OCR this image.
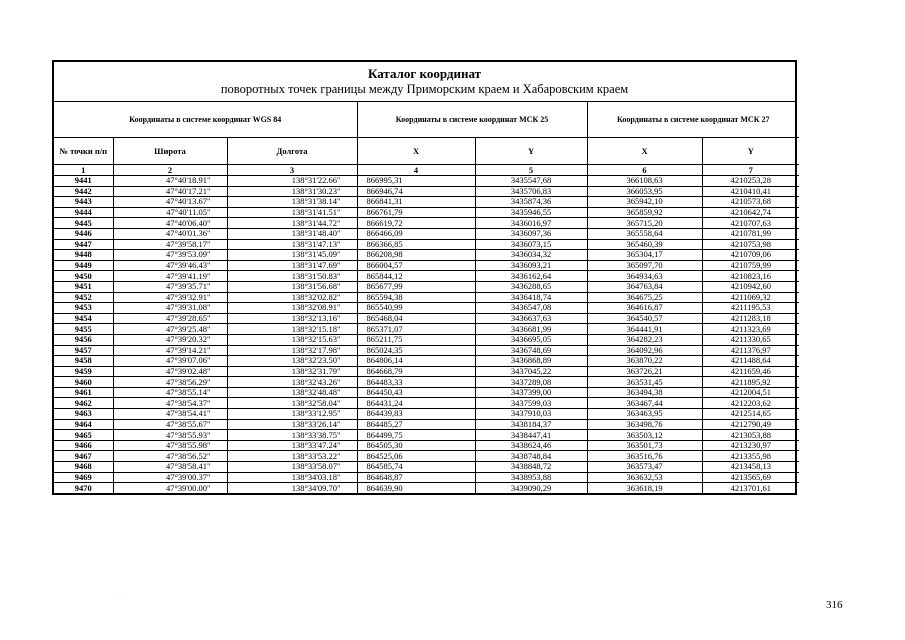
Каталог координат
поворотных точек границы между Приморским краем и Хабаровским краем
Координаты в системе координат WGS 84			Координаты в системе координат МСК 25		Координаты в системе координат МСК 27	
№ точки п/п	Широта	Долгота	X	Y	X	Y
1	2	3	4	5	6	7
9441	47°40'18.91"	138°31'22.66"	866995,31	3435547,68	366108,63	4210253,28
9442	47°40'17.21"	138°31'30.23"	866946,74	3435706,83	366053,95	4210410,41
9443	47°40'13.67"	138°31'38.14"	866841,31	3435874,36	365942,10	4210573,68
9444	47°40'11.05"	138°31'41.51"	866761,79	3435946,55	365859,92	4210642,74
9445	47°40'06.40"	138°31'44.72"	866619,72	3436016,97	365715,20	4210707,63
9446	47°40'01.36"	138°31'48.40"	866466,09	3436097,36	365558,64	4210781,99
9447	47°39'58.17"	138°31'47.13"	866366,85	3436073,15	365460,39	4210753,98
9448	47°39'53.09"	138°31'45.09"	866208,98	3436034,32	365304,17	4210709,06
9449	47°39'46.43"	138°31'47.69"	866004,57	3436093,21	365097,70	4210759,99
9450	47°39'41.19"	138°31'50.83"	865844,12	3436162,64	364934,63	4210823,16
9451	47°39'35.71"	138°31'56.68"	865677,99	3436288,65	364763,84	4210942,60
9452	47°39'32.91"	138°32'02.82"	865594,38	3436418,74	364675,25	4211069,32
9453	47°39'31.08"	138°32'08.91"	865540,99	3436547,08	364616,87	4211195,53
9454	47°39'28.65"	138°32'13.16"	865468,04	3436637,63	364540,57	4211283,18
9455	47°39'25.48"	138°32'15.18"	865371,07	3436681,99	364441,91	4211323,69
9456	47°39'20.32"	138°32'15.63"	865211,75	3436695,05	364282,23	4211330,65
9457	47°39'14.21"	138°32'17.98"	865024,35	3436748,69	364092,96	4211376,97
9458	47°39'07.06"	138°32'23.50"	864806,14	3436868,89	363870,22	4211488,64
9459	47°39'02.48"	138°32'31.79"	864668,79	3437045,22	363726,21	4211659,46
9460	47°38'56.29"	138°32'43.26"	864483,33	3437289,08	363531,45	4211895,92
9461	47°38'55.14"	138°32'48.48"	864450,43	3437399,00	363494,38	4212004,51
9462	47°38'54.37"	138°32'58.04"	864431,24	3437599,03	363467,44	4212203,62
9463	47°38'54.41"	138°33'12.95"	864439,83	3437910,03	363463,95	4212514,65
9464	47°38'55.67"	138°33'26.14"	864485,27	3438184,37	363498,76	4212790,49
9465	47°38'55.93"	138°33'38.75"	864499,75	3438447,41	363503,12	4213053,88
9466	47°38'55.98"	138°33'47.24"	864505,30	3438624,46	363501,73	4213230,97
9467	47°38'56.52"	138°33'53.22"	864525,06	3438748,84	363516,76	4213355,98
9468	47°38'58.41"	138°33'58.07"	864585,74	3438848,72	363573,47	4213458,13
9469	47°39'00.37"	138°34'03.18"	864648,87	3438953,88	363632,53	4213565,69
9470	47°39'00.00"	138°34'09.70"	864639,90	3439090,29	363618,19	4213701,61
·
316
